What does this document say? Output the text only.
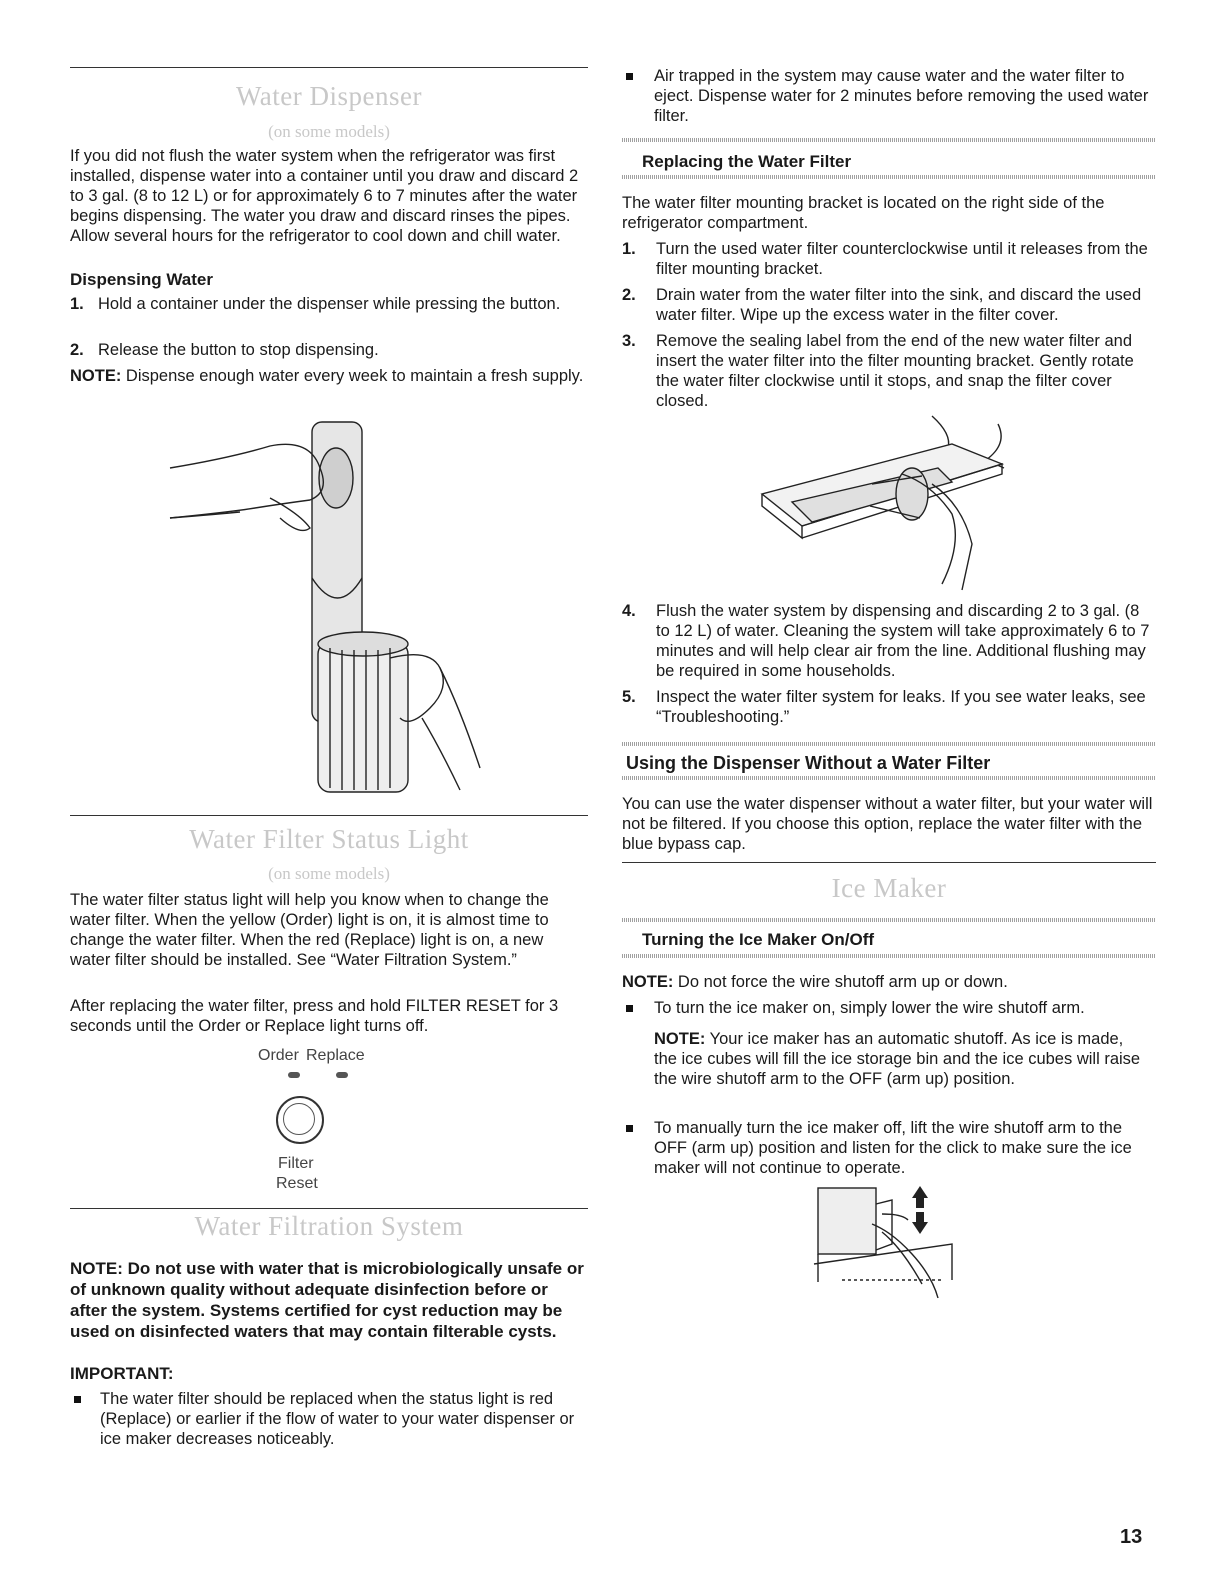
Water Dispenser
(on some models)

If you did not flush the water system when the refrigerator was first installed, dispense water into a container until you draw and discard 2 to 3 gal. (8 to 12 L) or for approximately 6 to 7 minutes after the water begins dispensing. The water you draw and discard rinses the pipes. Allow several hours for the refrigerator to cool down and chill water.

Dispensing Water
1. Hold a container under the dispenser while pressing the button.
2. Release the button to stop dispensing.

NOTE: Dispense enough water every week to maintain a fresh supply.

Water Filter Status Light
(on some models)

The water filter status light will help you know when to change the water filter. When the yellow (Order) light is on, it is almost time to change the water filter. When the red (Replace) light is on, a new water filter should be installed. See “Water Filtration System.”

After replacing the water filter, press and hold FILTER RESET for 3 seconds until the Order or Replace light turns off.

Order Replace
Filter
Reset
Water Filtration System

NOTE: Do not use with water that is microbiologically unsafe or of unknown quality without adequate disinfection before or after the system. Systems certified for cyst reduction may be used on disinfected waters that may contain filterable cysts.

IMPORTANT:
The water filter should be replaced when the status light is red (Replace) or earlier if the flow of water to your water dispenser or ice maker decreases noticeably.
Air trapped in the system may cause water and the water filter to eject. Dispense water for 2 minutes before removing the used water filter.
Replacing the Water Filter

The water filter mounting bracket is located on the right side of the refrigerator compartment.

1. Turn the used water filter counterclockwise until it releases from the filter mounting bracket.
2. Drain water from the water filter into the sink, and discard the used water filter. Wipe up the excess water in the filter cover.
3. Remove the sealing label from the end of the new water filter and insert the water filter into the filter mounting bracket. Gently rotate the water filter clockwise until it stops, and snap the filter cover closed.
4. Flush the water system by dispensing and discarding 2 to 3 gal. (8 to 12 L) of water. Cleaning the system will take approximately 6 to 7 minutes and will help clear air from the line. Additional flushing may be required in some households.
5. Inspect the water filter system for leaks. If you see water leaks, see “Troubleshooting.”
Using the Dispenser Without a Water Filter

You can use the water dispenser without a water filter, but your water will not be filtered. If you choose this option, replace the water filter with the blue bypass cap.

Ice Maker
Turning the Ice Maker On/Off

NOTE: Do not force the wire shutoff arm up or down.

To turn the ice maker on, simply lower the wire shutoff arm.

NOTE: Your ice maker has an automatic shutoff. As ice is made, the ice cubes will fill the ice storage bin and the ice cubes will raise the wire shutoff arm to the OFF (arm up) position.

To manually turn the ice maker off, lift the wire shutoff arm to the OFF (arm up) position and listen for the click to make sure the ice maker will not continue to operate.
13
